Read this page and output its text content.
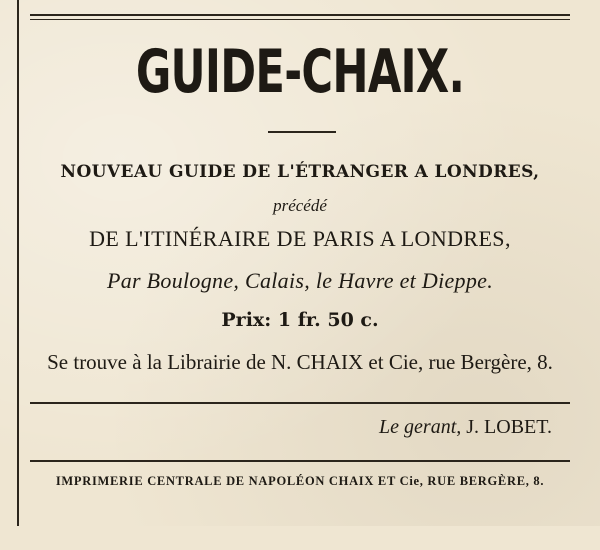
GUIDE-CHAIX.
NOUVEAU GUIDE DE L'ÉTRANGER A LONDRES,
précédé
DE L'ITINÉRAIRE DE PARIS A LONDRES,
Par Boulogne, Calais, le Havre et Dieppe.
Prix: 1 fr. 50 c.
Se trouve à la Librairie de N. CHAIX et Cie, rue Bergère, 8.
Le gerant, J. LOBET.
IMPRIMERIE CENTRALE DE NAPOLÉON CHAIX ET Cie, RUE BERGÈRE, 8.
